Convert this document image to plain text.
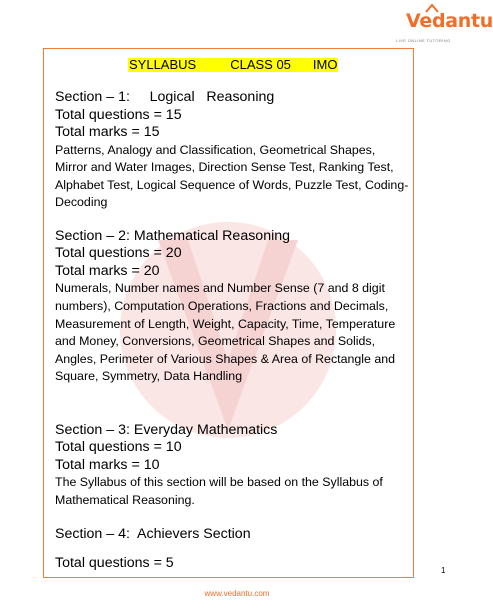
Vedantu
LIVE ONLINE TUTORING
SYLLABUS	CLASS 05 IMO
Section – 1:     Logical   Reasoning
Total questions = 15
Total marks = 15
Patterns, Analogy and Classification, Geometrical Shapes, Mirror and Water Images, Direction Sense Test, Ranking Test, Alphabet Test, Logical Sequence of Words, Puzzle Test, Coding-Decoding
Section – 2: Mathematical Reasoning
Total questions = 20
Total marks = 20
Numerals, Number names and Number Sense (7 and 8 digit numbers), Computation Operations, Fractions and Decimals, Measurement of Length, Weight, Capacity, Time, Temperature and Money, Conversions, Geometrical Shapes and Solids, Angles, Perimeter of Various Shapes & Area of Rectangle and Square, Symmetry, Data Handling
Section – 3: Everyday Mathematics
Total questions = 10
Total marks = 10
The Syllabus of this section will be based on the Syllabus of Mathematical Reasoning.
Section – 4:  Achievers Section
Total questions = 5	1
www.vedantu.com
